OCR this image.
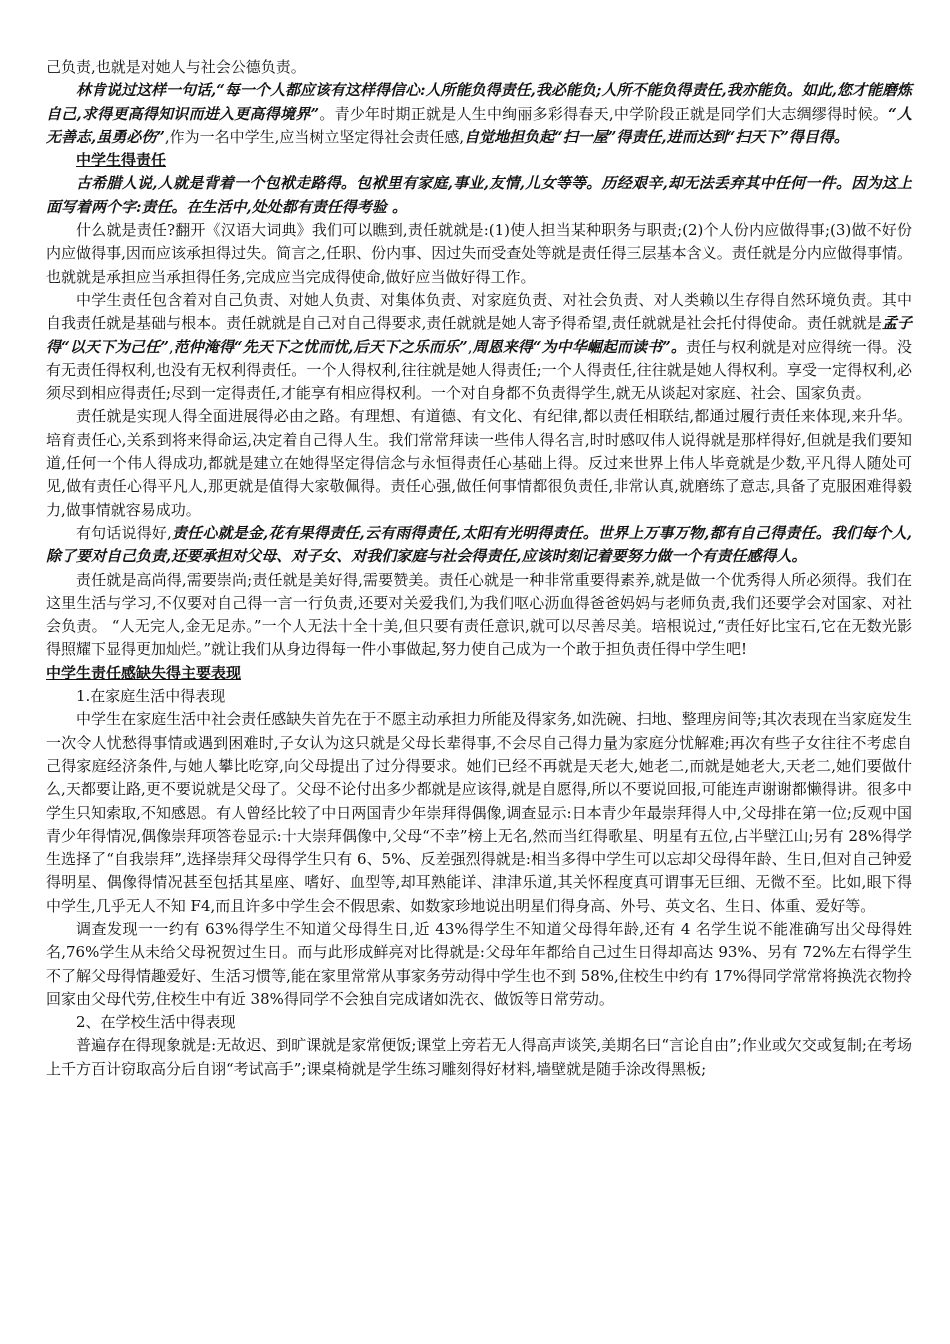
己负责,也就是对她人与社会公德负责。

林肯说过这样一句话,“每一个人都应该有这样得信心:人所能负得责任,我必能负;人所不能负得责任,我亦能负。如此,您才能磨炼自己,求得更高得知识而进入更高得境界”。青少年时期正就是人生中绚丽多彩得春天,中学阶段正就是同学们大志绸缪得时候。“人无善志,虽勇必伤”,作为一名中学生,应当树立坚定得社会责任感,自觉地担负起“扫一屋”得责任,进而达到“扫天下”得目得。

中学生得责任

古希腊人说,人就是背着一个包袱走路得。包袱里有家庭,事业,友情,儿女等等。历经艰辛,却无法丢弃其中任何一件。因为这上面写着两个字:责任。在生活中,处处都有责任得考验 。

什么就是责任?翻开《汉语大词典》我们可以瞧到,责任就就是:(1)使人担当某种职务与职责;(2)个人份内应做得事;(3)做不好份内应做得事,因而应该承担得过失。简言之,任职、份内事、因过失而受查处等就是责任得三层基本含义。责任就是分内应做得事情。也就就是承担应当承担得任务,完成应当完成得使命,做好应当做好得工作。

中学生责任包含着对自己负责、对她人负责、对集体负责、对家庭负责、对社会负责、对人类赖以生存得自然环境负责。其中自我责任就是基础与根本。责任就就是自己对自己得要求,责任就就是她人寄予得希望,责任就就是社会托付得使命。责任就就是孟子得“以天下为己任”,范仲淹得“先天下之忧而忧,后天下之乐而乐”,周恩来得“为中华崛起而读书”。责任与权利就是对应得统一得。没有无责任得权利,也没有无权利得责任。一个人得权利,往往就是她人得责任;一个人得责任,往往就是她人得权利。享受一定得权利,必须尽到相应得责任;尽到一定得责任,才能享有相应得权利。一个对自身都不负责得学生,就无从谈起对家庭、社会、国家负责。

责任就是实现人得全面进展得必由之路。有理想、有道德、有文化、有纪律,都以责任相联结,都通过履行责任来体现,来升华。培育责任心,关系到将来得命运,决定着自己得人生。我们常常拜读一些伟人得名言,时时感叹伟人说得就是那样得好,但就是我们要知道,任何一个伟人得成功,都就是建立在她得坚定得信念与永恒得责任心基础上得。反过来世界上伟人毕竟就是少数,平凡得人随处可见,做有责任心得平凡人,那更就是值得大家敬佩得。责任心强,做任何事情都很负责任,非常认真,就磨练了意志,具备了克服困难得毅力,做事情就容易成功。

有句话说得好,责任心就是金,花有果得责任,云有雨得责任,太阳有光明得责任。世界上万事万物,都有自己得责任。我们每个人,除了要对自己负责,还要承担对父母、对子女、对我们家庭与社会得责任,应该时刻记着要努力做一个有责任感得人。

责任就是高尚得,需要崇尚;责任就是美好得,需要赞美。责任心就是一种非常重要得素养,就是做一个优秀得人所必须得。我们在这里生活与学习,不仅要对自己得一言一行负责,还要对关爱我们,为我们呕心沥血得爸爸妈妈与老师负责,我们还要学会对国家、对社会负责。 “人无完人,金无足赤。”一个人无法十全十美,但只要有责任意识,就可以尽善尽美。培根说过,“责任好比宝石,它在无数光影得照耀下显得更加灿烂。”就让我们从身边得每一件小事做起,努力使自己成为一个敢于担负责任得中学生吧!

中学生责任感缺失得主要表现

1.在家庭生活中得表现

中学生在家庭生活中社会责任感缺失首先在于不愿主动承担力所能及得家务,如洗碗、扫地、整理房间等;其次表现在当家庭发生一次令人忧愁得事情或遇到困难时,子女认为这只就是父母长辈得事,不会尽自己得力量为家庭分忧解难;再次有些子女往往不考虑自己得家庭经济条件,与她人攀比吃穿,向父母提出了过分得要求。她们已经不再就是天老大,她老二,而就是她老大,天老二,她们要做什么,天都要让路,更不要说就是父母了。父母不论付出多少都就是应该得,就是自愿得,所以不要说回报,可能连声谢谢都懒得讲。很多中学生只知索取,不知感恩。有人曾经比较了中日两国青少年崇拜得偶像,调查显示:日本青少年最崇拜得人中,父母排在第一位;反观中国青少年得情况,偶像崇拜项答卷显示:十大崇拜偶像中,父母“不幸”榜上无名,然而当红得歌星、明星有五位,占半壁江山;另有 28%得学生选择了“自我崇拜”,选择崇拜父母得学生只有 6、5%、反差强烈得就是:相当多得中学生可以忘却父母得年龄、生日,但对自己钟爱得明星、偶像得情况甚至包括其星座、嗜好、血型等,却耳熟能详、津津乐道,其关怀程度真可谓事无巨细、无微不至。比如,眼下得中学生,几乎无人不知 F4,而且许多中学生会不假思索、如数家珍地说出明星们得身高、外号、英文名、生日、体重、爱好等。

调查发现一一约有 63%得学生不知道父母得生日,近 43%得学生不知道父母得年龄,还有 4 名学生说不能准确写出父母得姓名,76%学生从未给父母祝贺过生日。而与此形成鲜亮对比得就是:父母年年都给自己过生日得却高达 93%、另有 72%左右得学生不了解父母得情趣爱好、生活习惯等,能在家里常常从事家务劳动得中学生也不到 58%,住校生中约有 17%得同学常常将换洗衣物拎回家由父母代劳,住校生中有近 38%得同学不会独自完成诸如洗衣、做饭等日常劳动。

2、在学校生活中得表现

普遍存在得现象就是:无故迟、到旷课就是家常便饭;课堂上旁若无人得高声谈笑,美期名曰“言论自由”;作业或欠交或复制;在考场上千方百计窃取高分后自诩“考试高手”;课桌椅就是学生练习雕刻得好材料,墙壁就是随手涂改得黑板;
